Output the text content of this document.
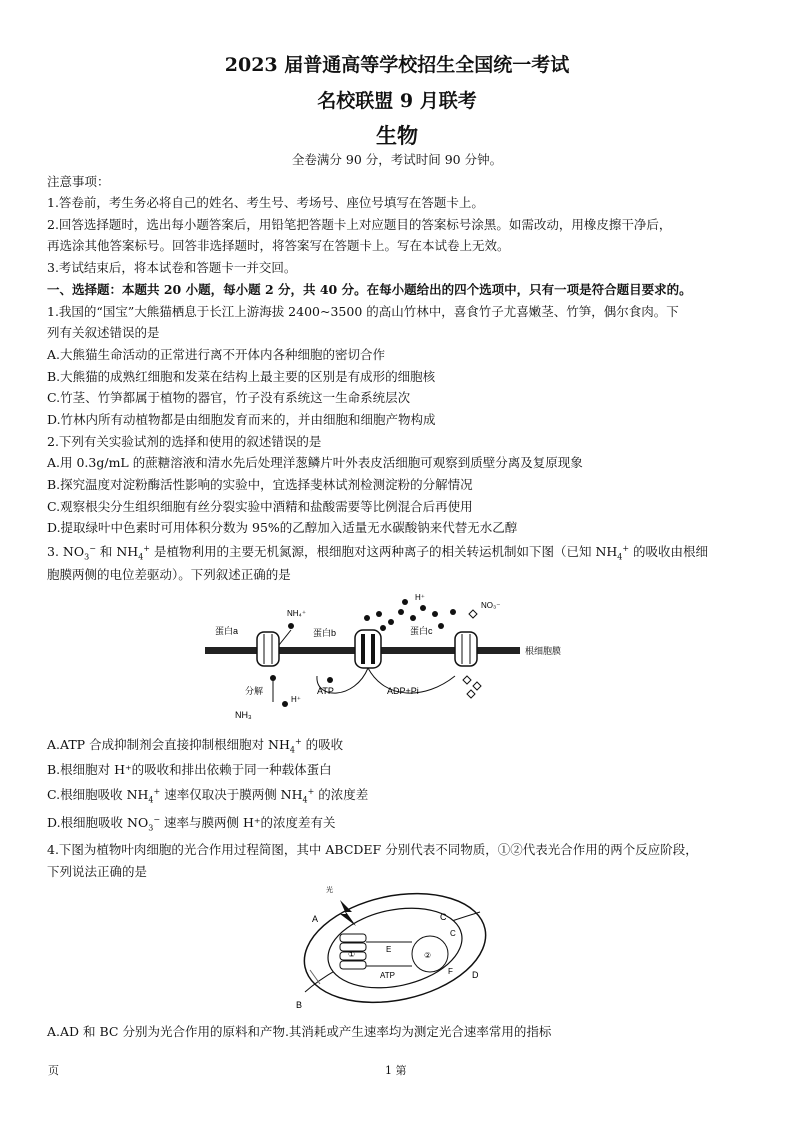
2023 届普通高等学校招生全国统一考试
名校联盟 9 月联考
生物
全卷满分 90 分，考试时间 90 分钟。
注意事项：
1.答卷前，考生务必将自己的姓名、考生号、考场号、座位号填写在答题卡上。
2.回答选择题时，选出每小题答案后，用铅笔把答题卡上对应题目的答案标号涂黑。如需改动，用橡皮擦干净后，
再选涂其他答案标号。回答非选择题时，将答案写在答题卡上。写在本试卷上无效。
3.考试结束后，将本试卷和答题卡一并交回。
一、选择题：本题共 20 小题，每小题 2 分，共 40 分。在每小题给出的四个选项中，只有一项是符合题目要求的。
1.我国的“国宝”大熊猫栖息于长江上游海拔 2400~3500 的高山竹林中，喜食竹子尤喜嫩茎、竹笋，偶尔食肉。下
列有关叙述错误的是
A.大熊猫生命活动的正常进行离不开体内各种细胞的密切合作
B.大熊猫的成熟红细胞和发菜在结构上最主要的区别是有成形的细胞核
C.竹茎、竹笋都属于植物的器官，竹子没有系统这一生命系统层次
D.竹林内所有动植物都是由细胞发育而来的，并由细胞和细胞产物构成
2.下列有关实验试剂的选择和使用的叙述错误的是
A.用 0.3g/mL 的蔗糖溶液和清水先后处理洋葱鳞片叶外表皮活细胞可观察到质壁分离及复原现象
B.探究温度对淀粉酶活性影响的实验中，宜选择斐林试剂检测淀粉的分解情况
C.观察根尖分生组织细胞有丝分裂实验中酒精和盐酸需要等比例混合后再使用
D.提取绿叶中色素时可用体积分数为 95%的乙醇加入适量无水碳酸钠来代替无水乙醇
3. $NO_3^-$ 和 $NH_4^+$ 是植物利用的主要无机氮源，根细胞对这两种离子的相关转运机制如下图（已知 $NH_4^+$ 的吸收由根细
胞膜两侧的电位差驱动）。下列叙述正确的是
根细胞膜
蛋白a
NH₄⁺
蛋白b
H⁺
蛋白c
NO₃⁻
ATP	ADP+Pi
分解
H⁺
NH₃
A.ATP 合成抑制剂会直接抑制根细胞对 $NH_4^+$ 的吸收
B.根细胞对 H⁺的吸收和排出依赖于同一种载体蛋白
C.根细胞吸收 $NH_4^+$ 速率仅取决于膜两侧 $NH_4^+$ 的浓度差
D.根细胞吸收 $NO_3^-$ 速率与膜两侧 H⁺的浓度差有关
4.下图为植物叶肉细胞的光合作用过程简图，其中 ABCDEF 分别代表不同物质，①②代表光合作用的两个反应阶段，
下列说法正确的是
①	②
光
E
ATP
A
B
C
C
D
F
A.AD 和 BC 分别为光合作用的原料和产物.其消耗或产生速率均为测定光合速率常用的指标
页	1 第
